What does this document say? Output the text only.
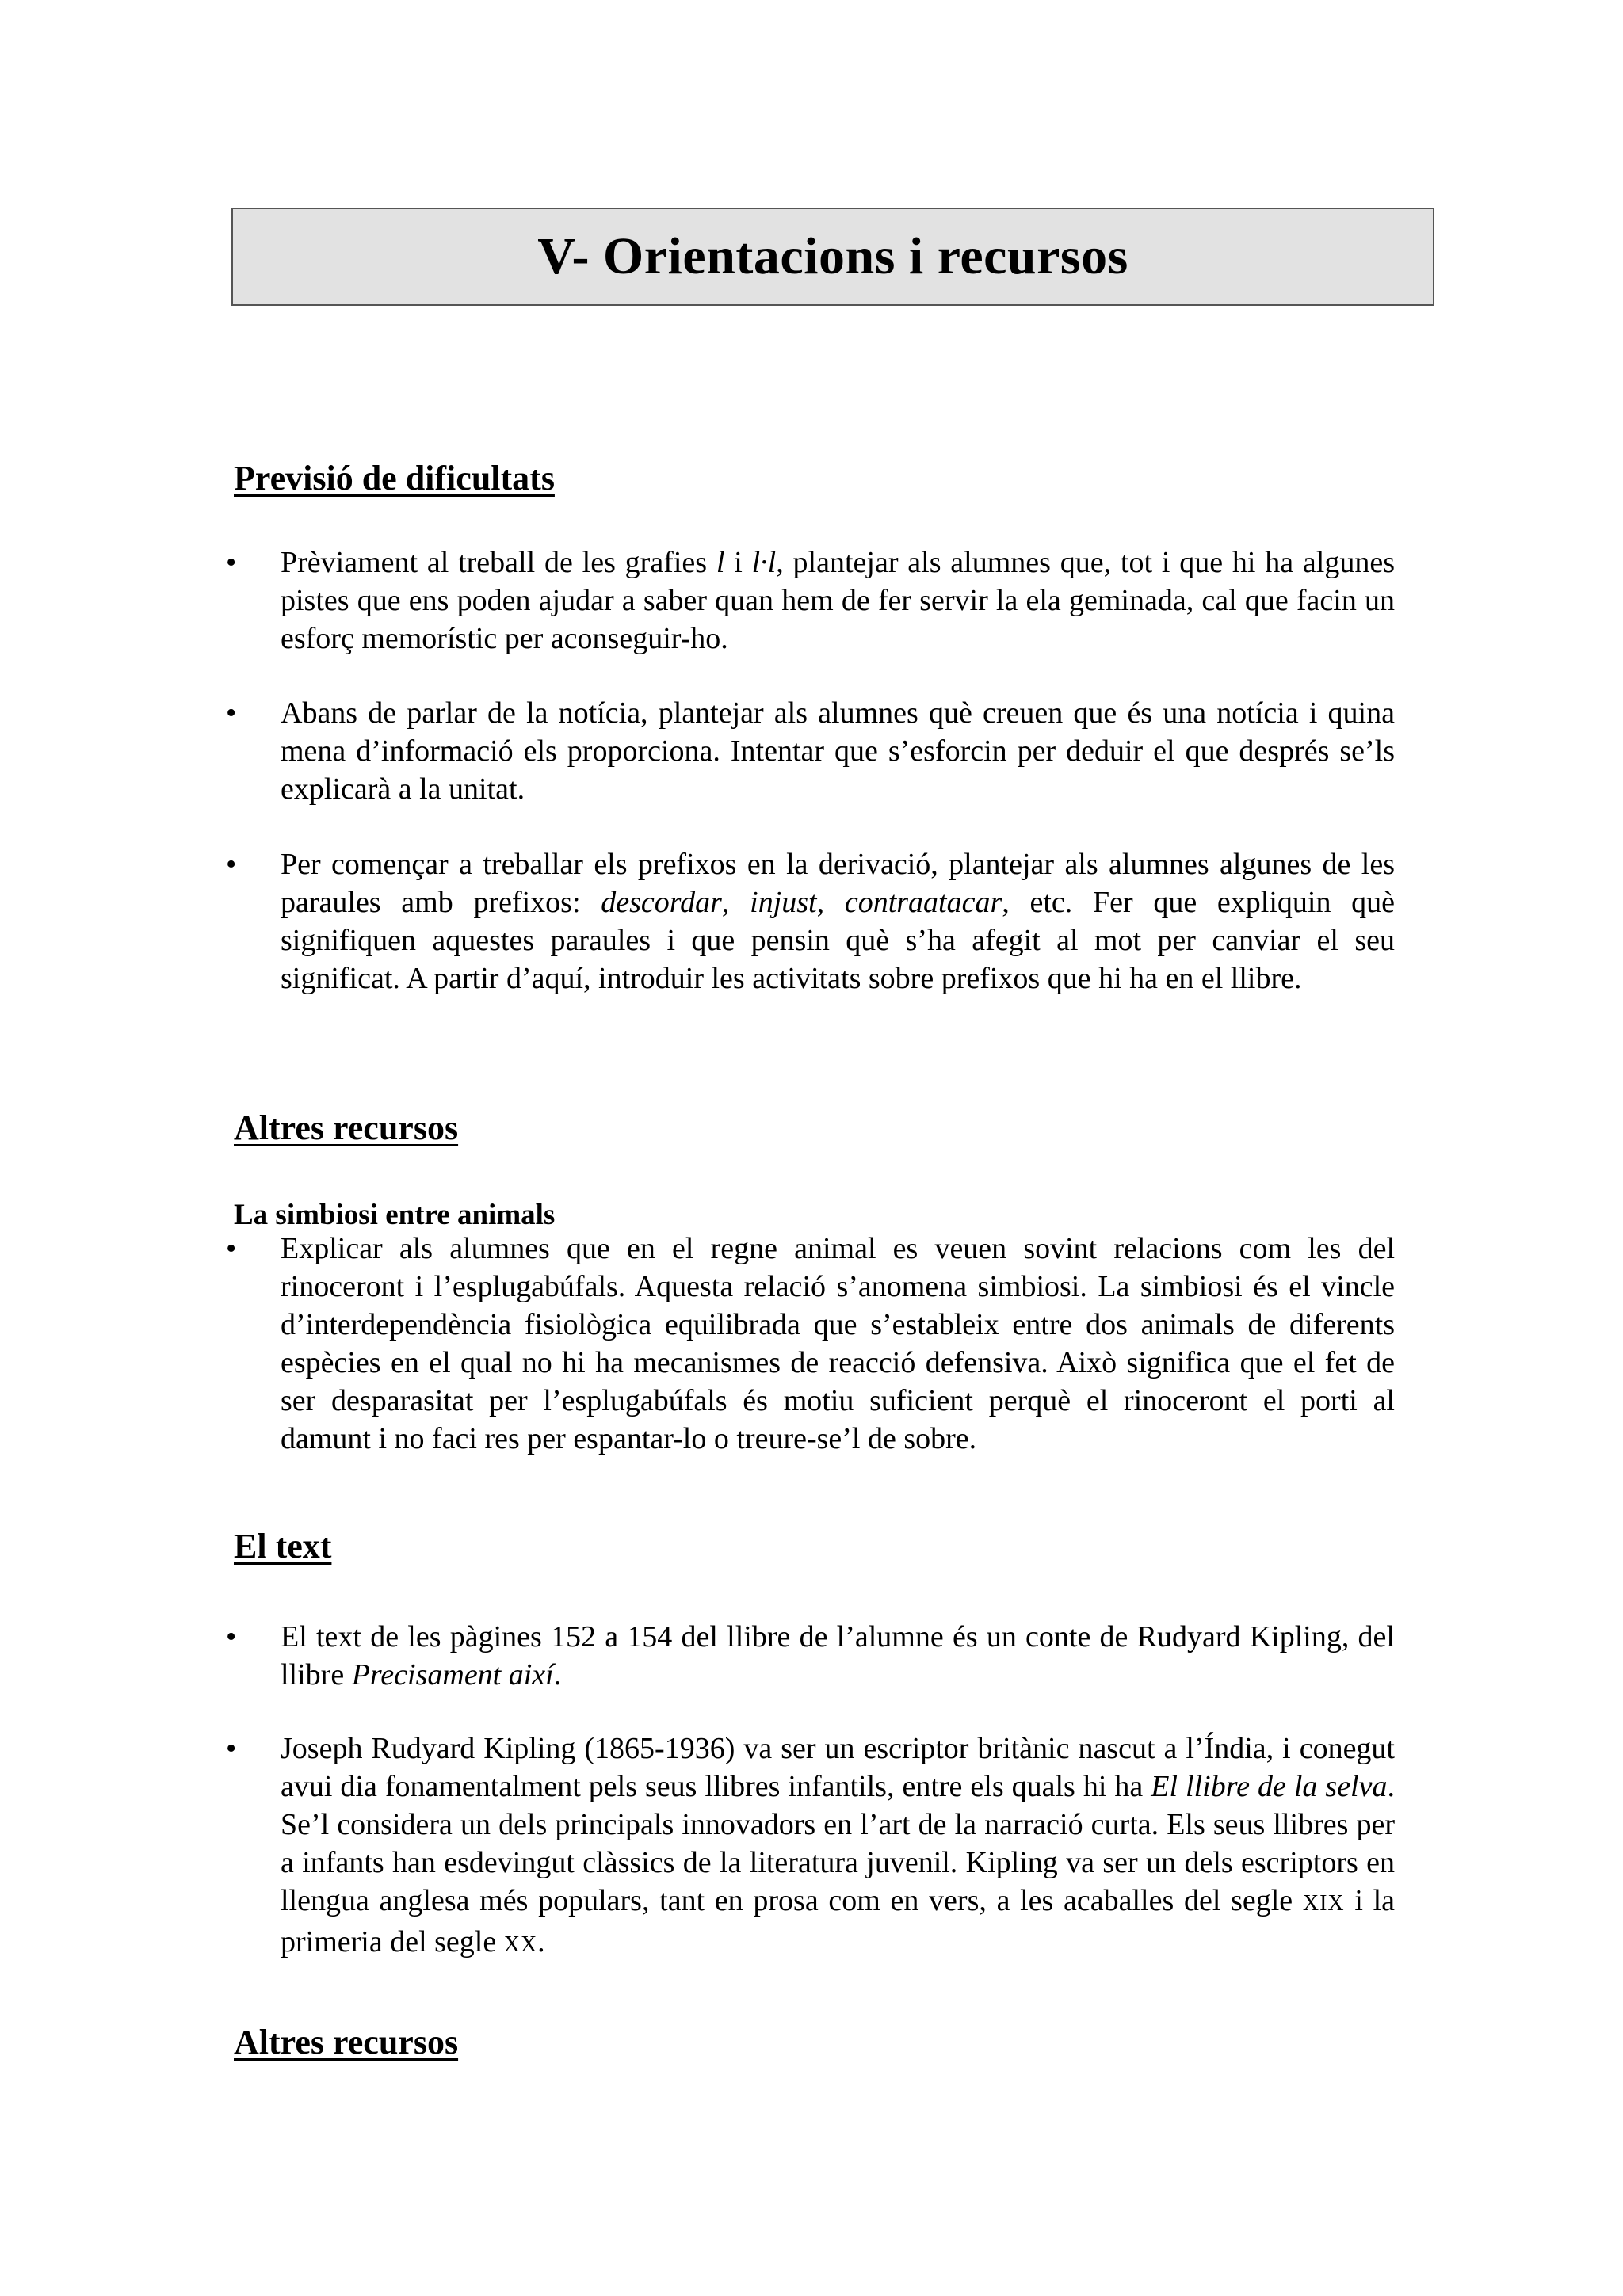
V- Orientacions i recursos
Previsió de dificultats
•	Prèviament al treball de les grafies l i l·l, plantejar als alumnes que, tot i que hi ha algunes pistes que ens poden ajudar a saber quan hem de fer servir la ela geminada, cal que facin un esforç memorístic per aconseguir-ho.
•	Abans de parlar de la notícia, plantejar als alumnes què creuen que és una notícia i quina mena d’informació els proporciona. Intentar que s’esforcin per deduir el que després se’ls explicarà a la unitat.
•	Per començar a treballar els prefixos en la derivació, plantejar als alumnes algunes de les paraules amb prefixos: descordar, injust, contraatacar, etc. Fer que expliquin què signifiquen aquestes paraules i que pensin què s’ha afegit al mot per canviar el seu significat. A partir d’aquí, introduir les activitats sobre prefixos que hi ha en el llibre.
Altres recursos
La simbiosi entre animals
•	Explicar als alumnes que en el regne animal es veuen sovint relacions com les del rinoceront i l’esplugabúfals. Aquesta relació s’anomena simbiosi. La simbiosi és el vincle d’interdependència fisiològica equilibrada que s’estableix entre dos animals de diferents espècies en el qual no hi ha mecanismes de reacció defensiva. Això significa que el fet de ser desparasitat per l’esplugabúfals és motiu suficient perquè el rinoceront el porti al damunt i no faci res per espantar-lo o treure-se’l de sobre.
El text
•	El text de les pàgines 152 a 154 del llibre de l’alumne és un conte de Rudyard Kipling, del llibre Precisament així.
•	Joseph Rudyard Kipling (1865-1936) va ser un escriptor britànic nascut a l’Índia, i conegut avui dia fonamentalment pels seus llibres infantils, entre els quals hi ha El llibre de la selva. Se’l considera un dels principals innovadors en l’art de la narració curta. Els seus llibres per a infants han esdevingut clàssics de la literatura juvenil. Kipling va ser un dels escriptors en llengua anglesa més populars, tant en prosa com en vers, a les acaballes del segle XIX i la primeria del segle XX.
Altres recursos
